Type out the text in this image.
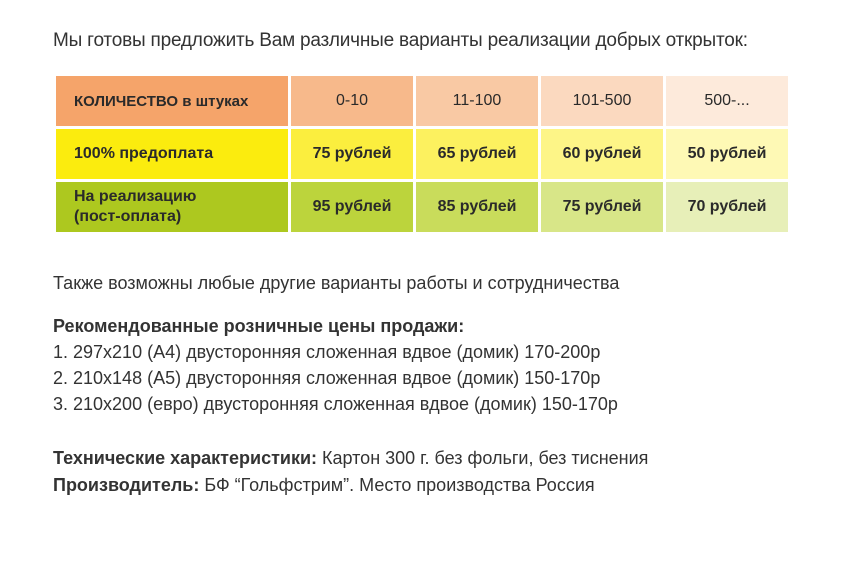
Мы готовы предложить Вам различные варианты реализации добрых открыток:
КОЛИЧЕСТВО в штуках	0-10	11-100	101-500	500-...
100% предоплата	75 рублей	65 рублей	60 рублей	50 рублей

На реализацию
(пост-оплата)	95 рублей	85 рублей	75 рублей	70 рублей
Также возможны любые другие варианты работы и сотрудничества
Рекомендованные розничные цены продажи:
1. 297x210 (А4) двусторонняя сложенная вдвое (домик) 170-200р
2. 210x148 (А5) двусторонняя сложенная вдвое (домик) 150-170р
3. 210x200 (евро) двусторонняя сложенная вдвое (домик) 150-170р
Технические характеристики: Картон 300 г. без фольги, без тиснения
Производитель: БФ “Гольфстрим”. Место производства Россия
